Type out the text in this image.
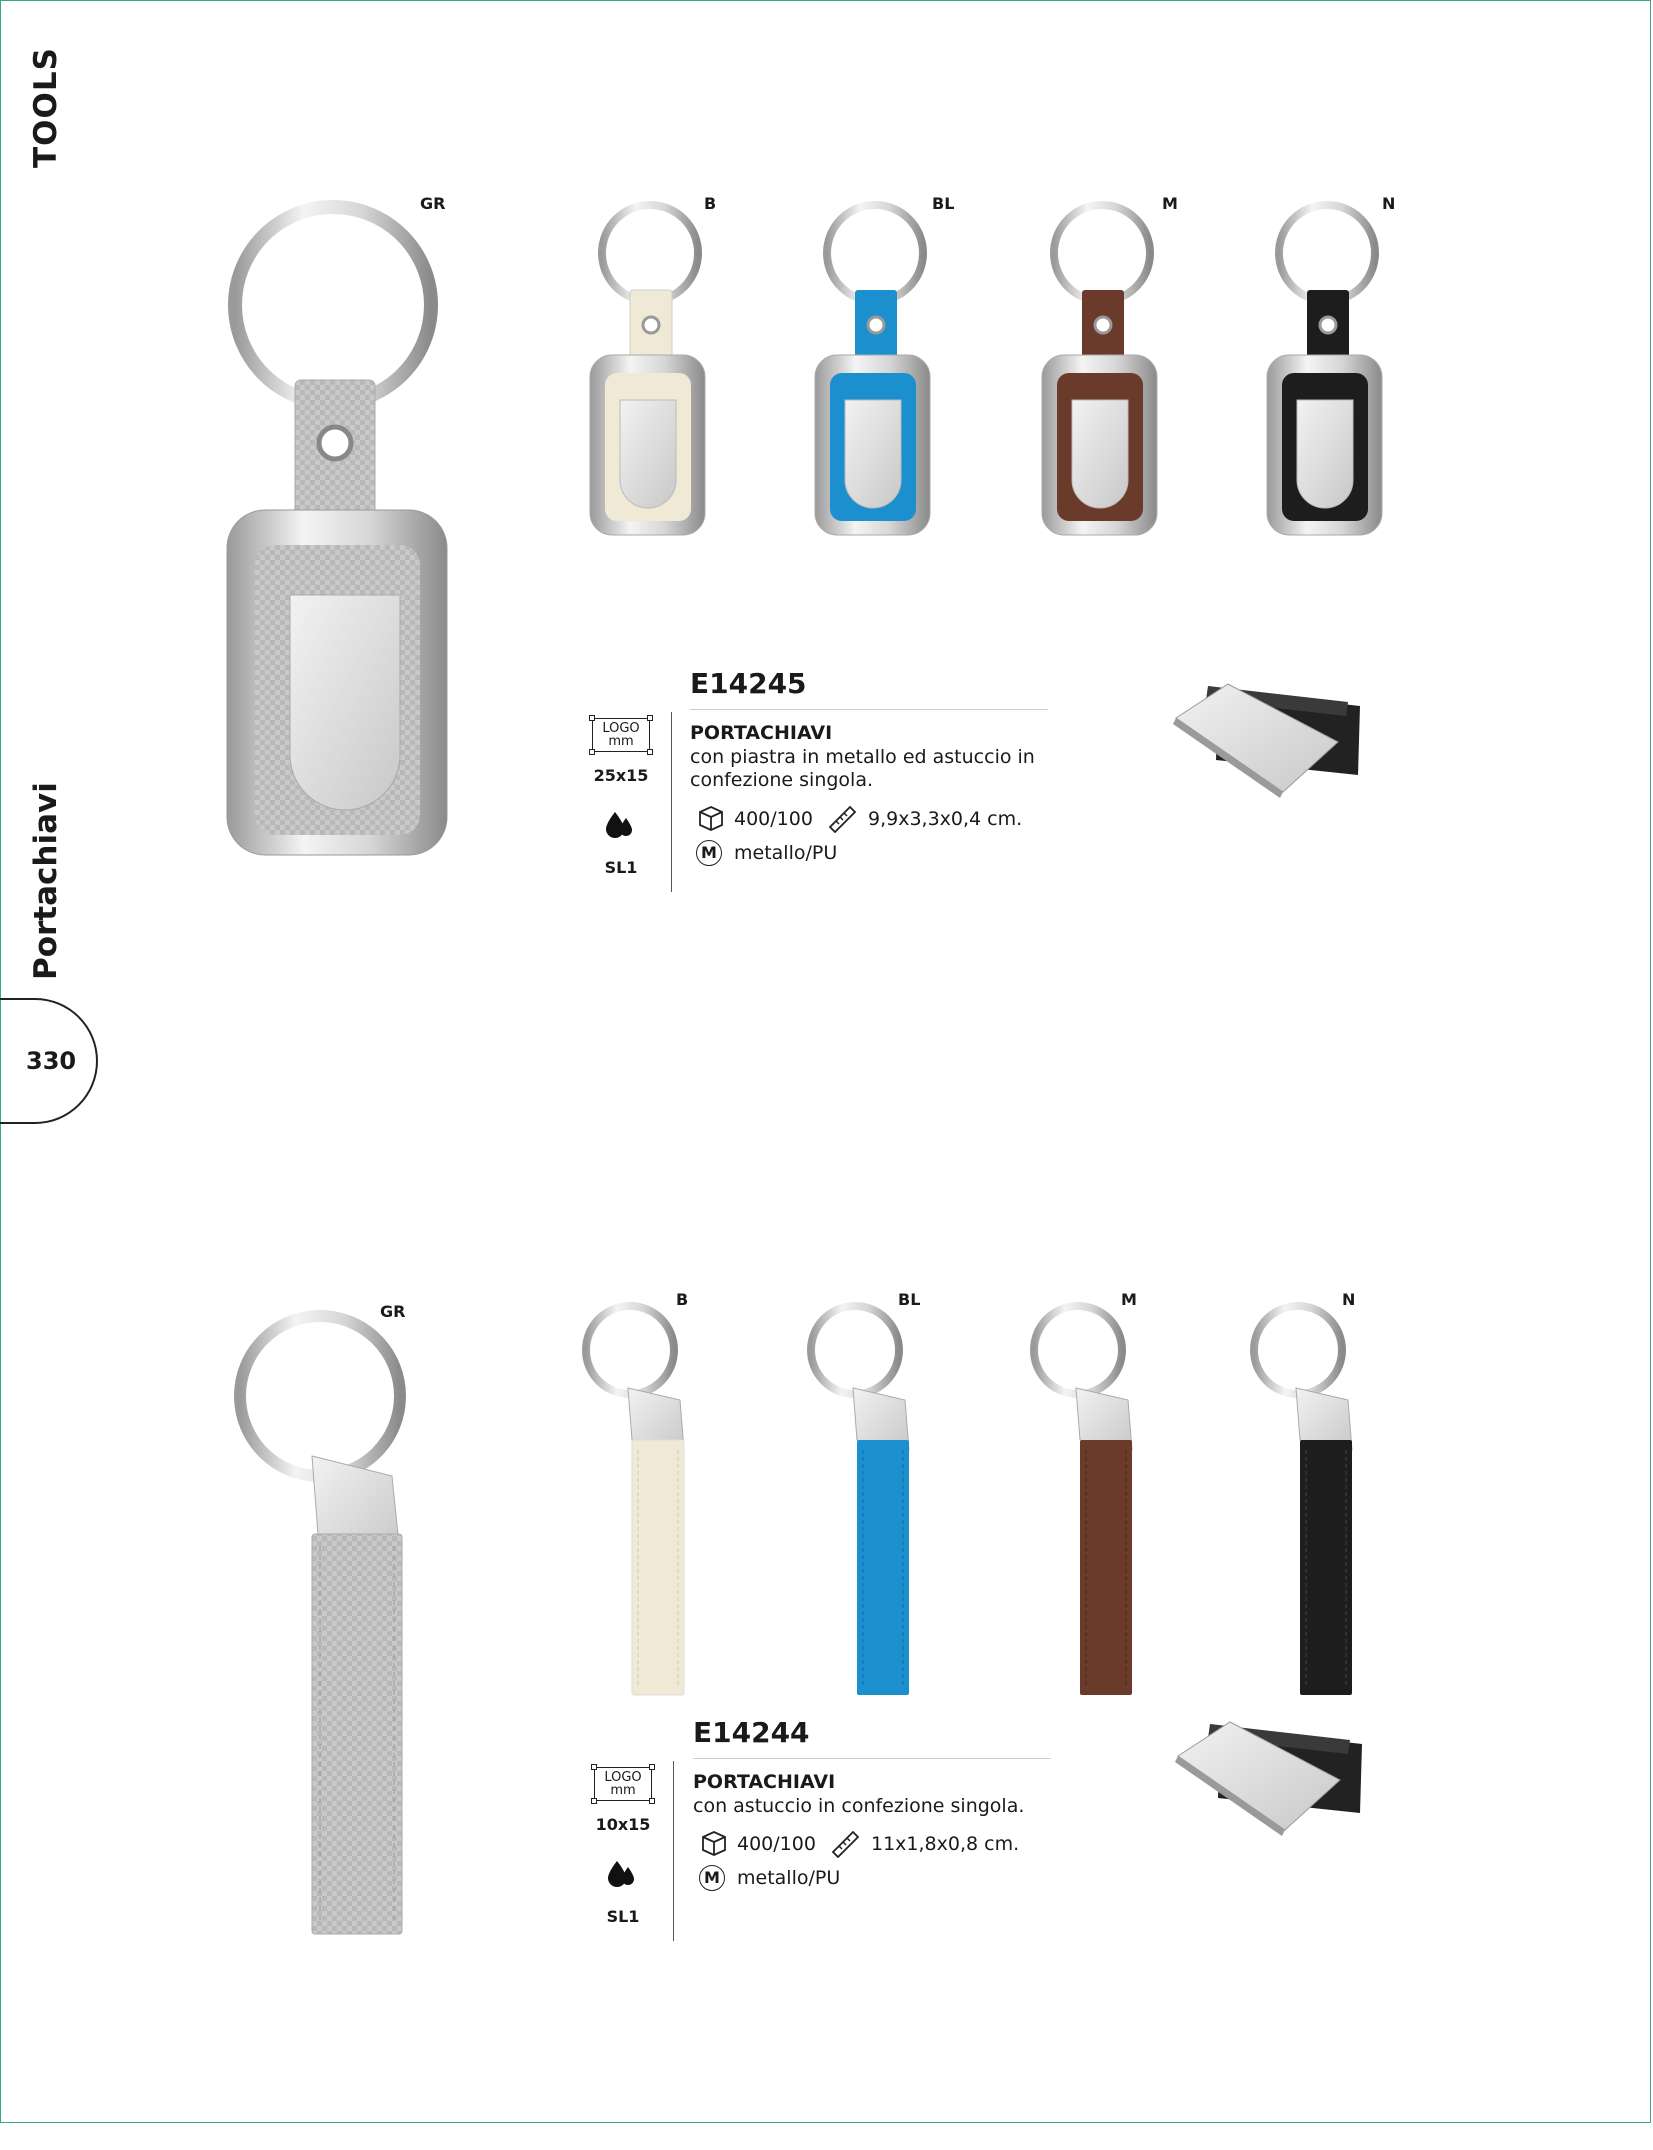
TOOLS
Portachiavi
330
GR	B	BL	M	N
E14245
LOGO
mm
25x15
SL1
PORTACHIAVI
con piastra in metallo ed astuccio in confezione singola.
400/100	9,9x3,3x0,4 cm.
M metallo/PU
GR
B	BL	M	N
E14244
LOGO
mm
10x15
SL1
PORTACHIAVI
con astuccio in confezione singola.
400/100	11x1,8x0,8 cm.
M metallo/PU
